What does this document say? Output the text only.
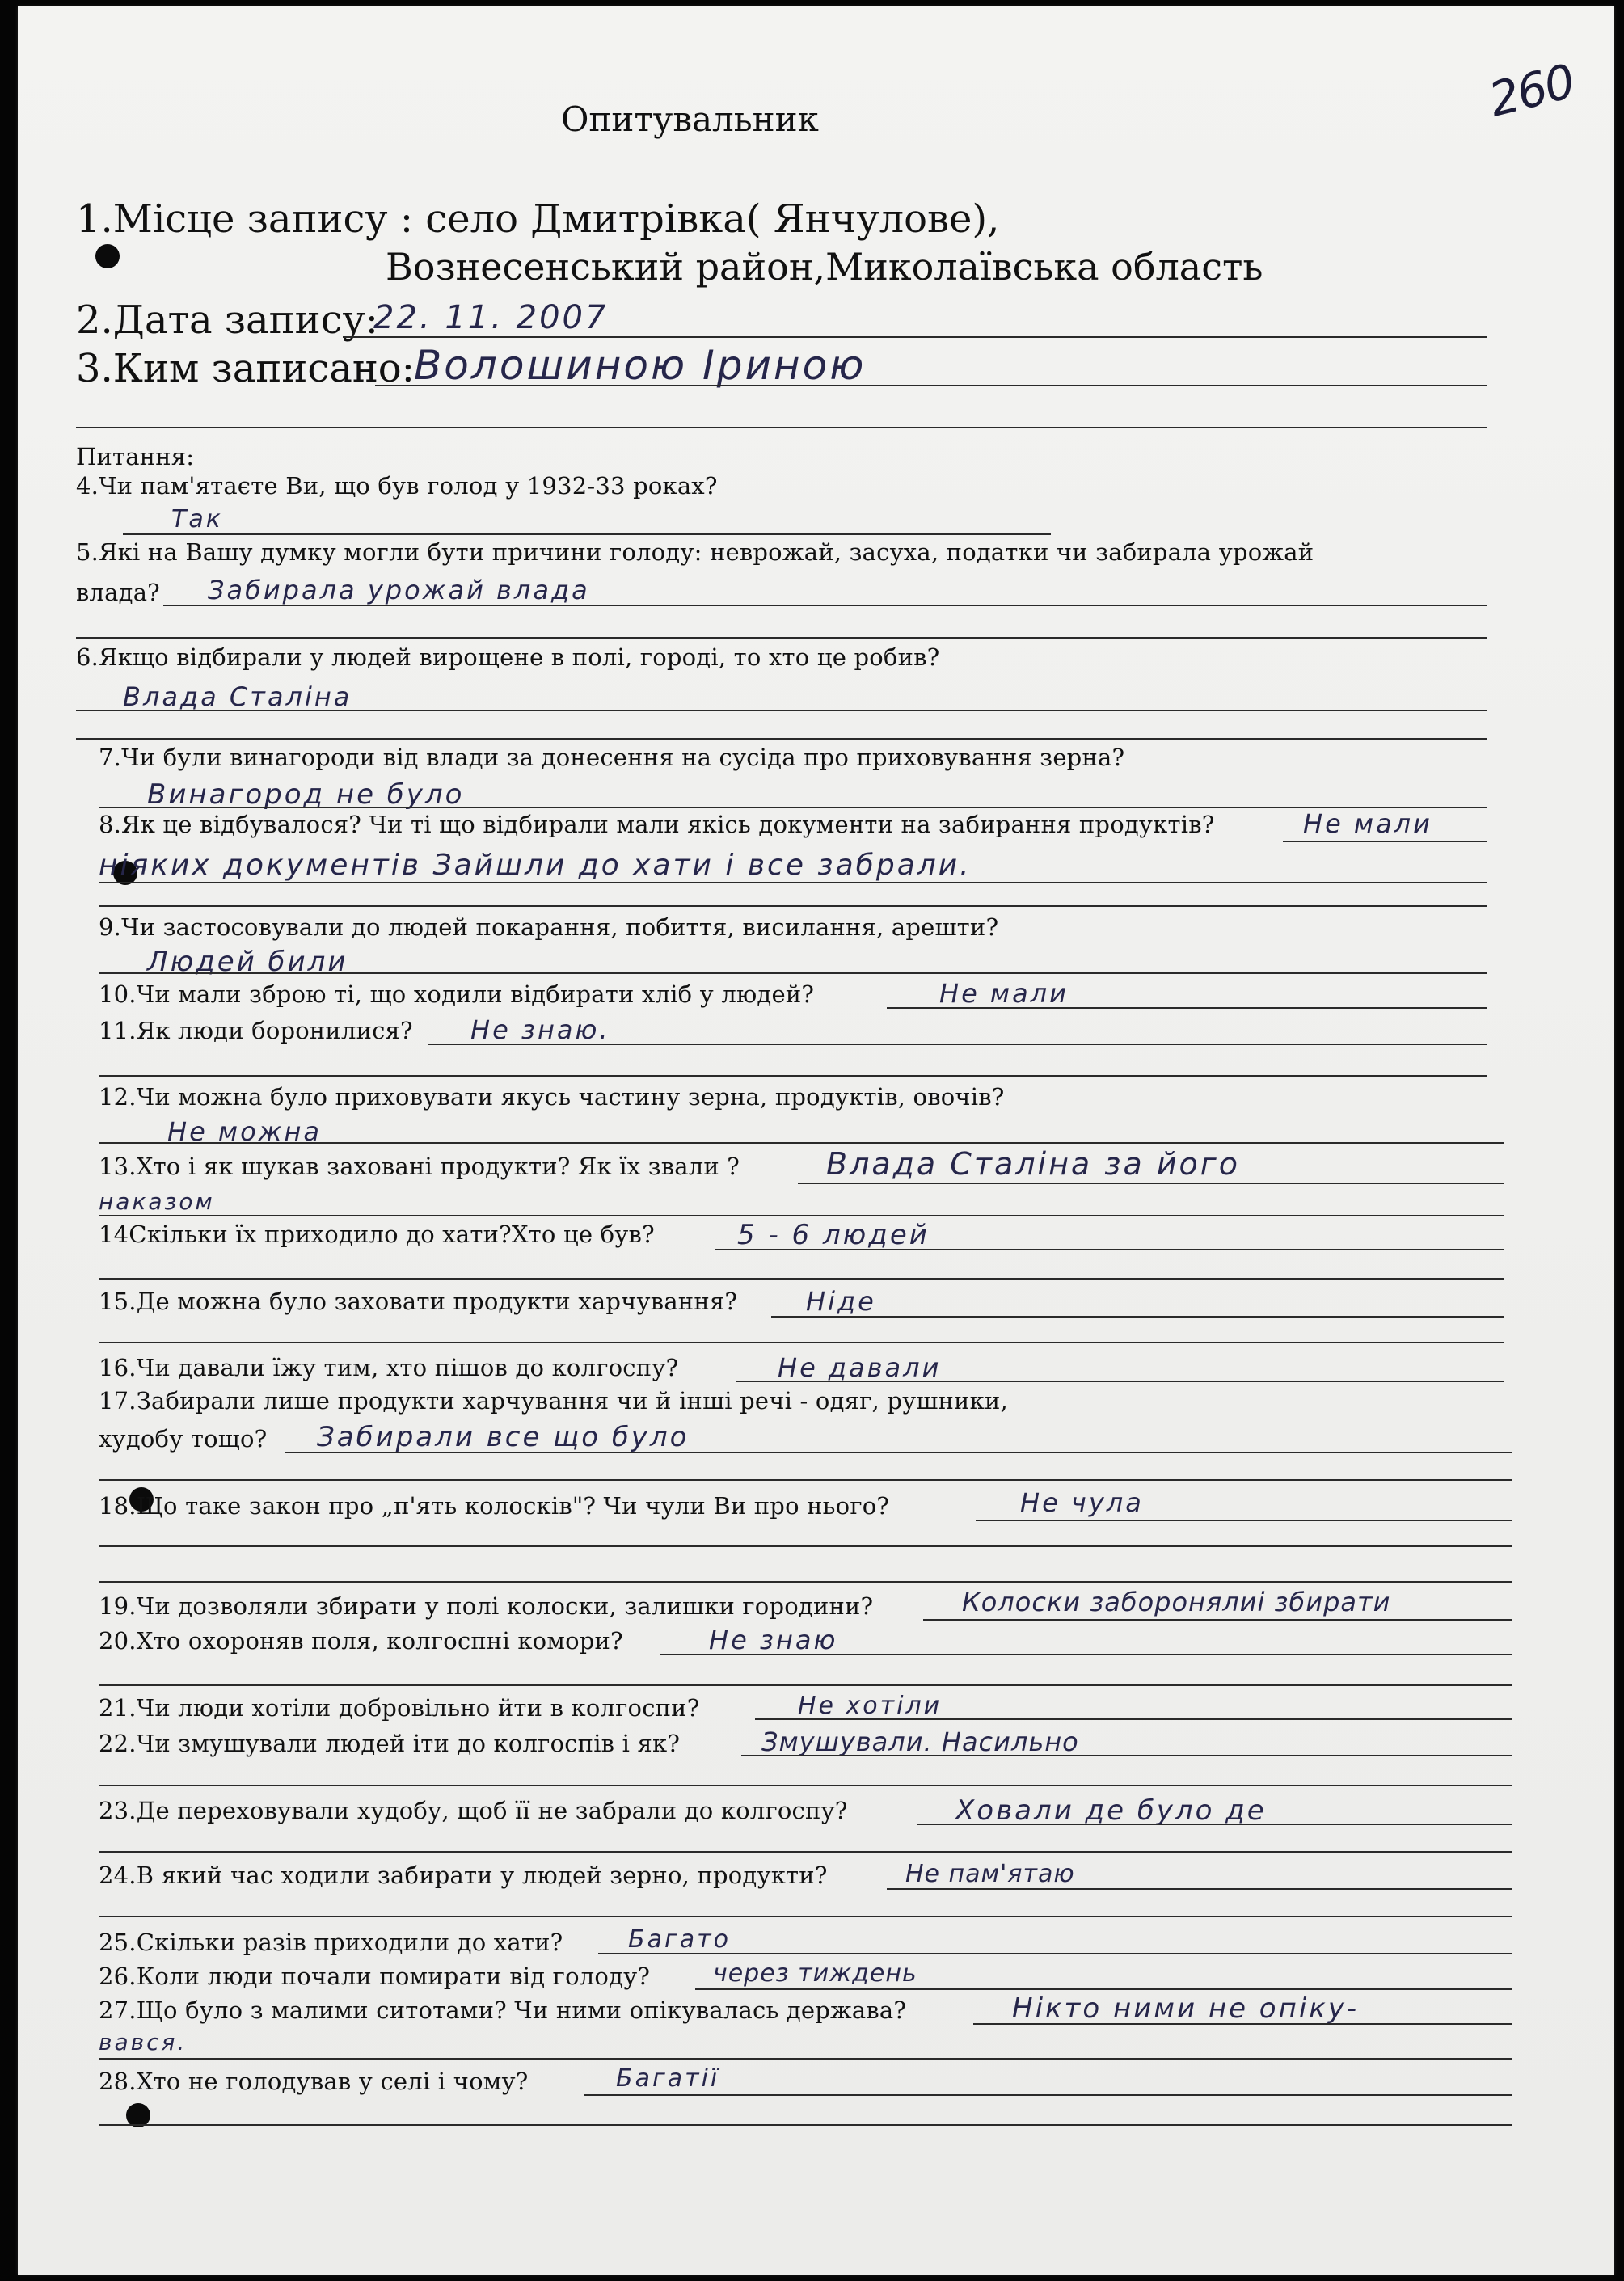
260
Опитувальник
1.Місце запису : село Дмитрівка( Янчулове),
Вознесенський район,Миколаївська область
2.Дата запису:
22. 11. 2007
3.Ким записано: Волошиною Іриною
Питання:
4.Чи пам'ятаєте Ви, що був голод у 1932-33 роках?
Так
5.Які на Вашу думку могли бути причини голоду: неврожай, засуха, податки чи забирала урожай
влада? Забирала урожай влада
6.Якщо відбирали у людей вирощене в полі, городі, то хто це робив?
Влада Сталіна
7.Чи були винагороди від влади за донесення на сусіда про приховування зерна?
Винагород не було
8.Як це відбувалося? Чи ті що відбирали мали якісь документи на забирання продуктів?	Не мали
ніяких документів Зайшли до хати і все забрали.
9.Чи застосовували до людей покарання, побиття, висилання, арешти?
Людей били
10.Чи мали зброю ті, що ходили відбирати хліб у людей?	Не мали
11.Як люди боронилися? Не знаю.
12.Чи можна було приховувати якусь частину зерна, продуктів, овочів?
Не можна
13.Хто і як шукав заховані продукти? Як їх звали ?	Влада Сталіна за його
наказом
14Скільки їх приходило до хати?Хто це був?	5 - 6 людей
15.Де можна було заховати продукти харчування?	Ніде
16.Чи давали їжу тим, хто пішов до колгоспу?	Не давали
17.Забирали лише продукти харчування чи й інші речі - одяг, рушники,
худобу тощо? Забирали все що було
18.Що таке закон про „п'ять колосків"? Чи чули Ви про нього?	Не чула
19.Чи дозволяли збирати у полі колоски, залишки городини?	Колоски заборонялиі збирати
20.Хто охороняв поля, колгоспні комори?	Не знаю
21.Чи люди хотіли добровільно йти в колгоспи?	Не хотіли
22.Чи змушували людей іти до колгоспів і як?	Змушували. Насильно
23.Де переховували худобу, щоб її не забрали до колгоспу?	Ховали де було де
24.В який час ходили забирати у людей зерно, продукти?	Не пам'ятаю
25.Скільки разів приходили до хати?	Багато
26.Коли люди почали помирати від голоду?	через тиждень
27.Що було з малими ситотами? Чи ними опікувалась держава?	Нікто ними не опіку-
вався.
28.Хто не голодував у селі і чому?	Багатії
